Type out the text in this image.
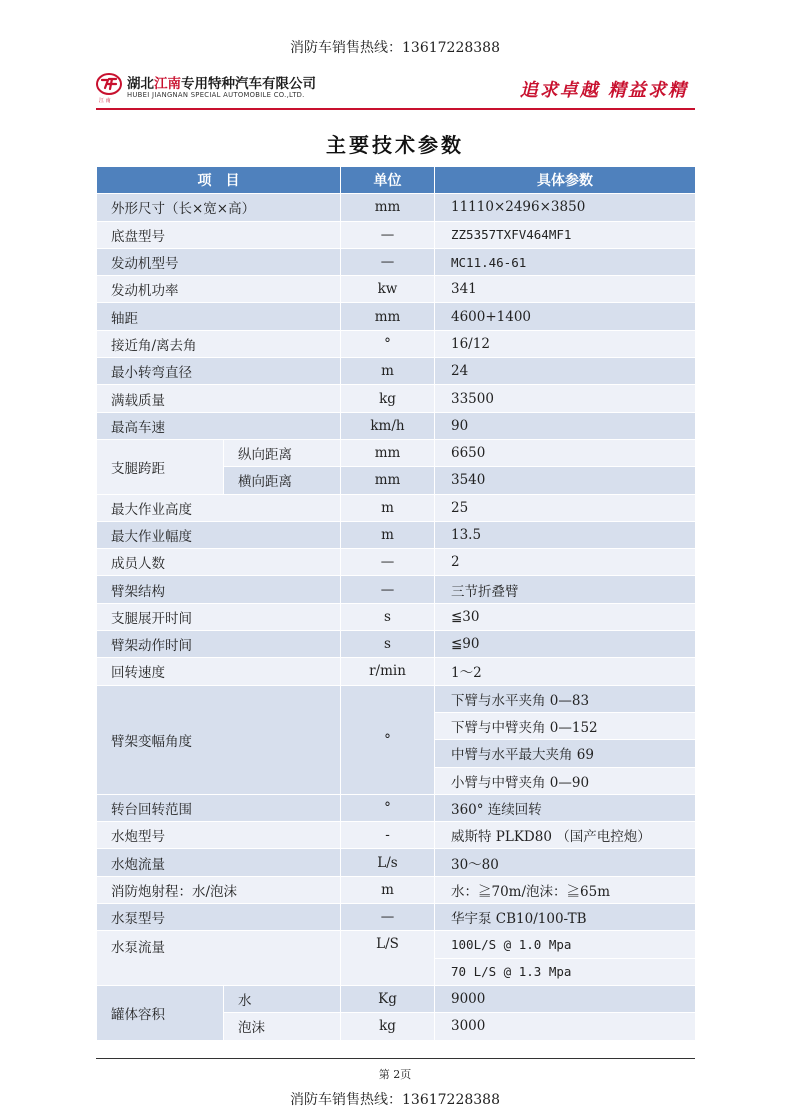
消防车销售热线：13617228388
江 南
湖北江南专用特种汽车有限公司
HUBEI JIANGNAN SPECIAL AUTOMOBILE CO.,LTD.	追求卓越 精益求精
主要技术参数
项　目		单位	具体参数
外形尺寸（长×宽×高）		mm	11110×2496×3850
底盘型号		—	ZZ5357TXFV464MF1
发动机型号		—	MC11.46-61
发动机功率		kw	341
轴距		mm	4600+1400
接近角/离去角		°	16/12
最小转弯直径		m	24
满载质量		kg	33500
最高车速		km/h	90
支腿跨距	纵向距离	mm	6650
	横向距离	mm	3540
最大作业高度		m	25
最大作业幅度		m	13.5
成员人数		—	2
臂架结构		—	三节折叠臂
支腿展开时间		s	≦30
臂架动作时间		s	≦90
回转速度		r/min	1～2
臂架变幅角度		°	下臂与水平夹角 0—83
			下臂与中臂夹角 0—152
			中臂与水平最大夹角 69
			小臂与中臂夹角 0—90
转台回转范围		°	360° 连续回转
水炮型号		-	威斯特 PLKD80 （国产电控炮）
水炮流量		L/s	30～80
消防炮射程：水/泡沫		m	水：≧70m/泡沫：≧65m
水泵型号		—	华宇泵 CB10/100-TB
水泵流量		L/S	100L/S @ 1.0 Mpa
			70 L/S @ 1.3 Mpa
罐体容积	水	Kg	9000
	泡沫	kg	3000
第 2页
消防车销售热线：13617228388
